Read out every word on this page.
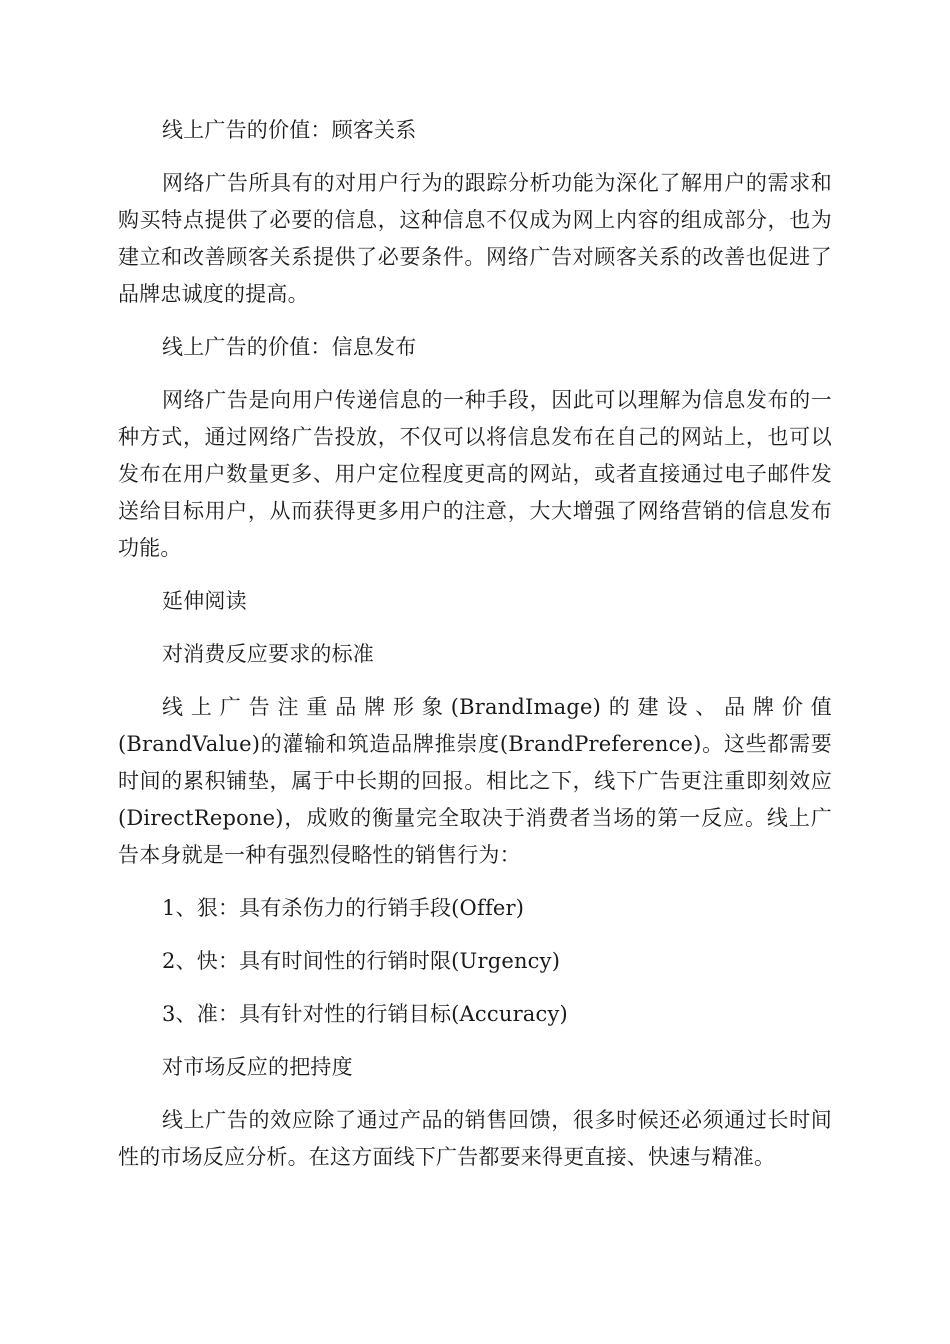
线上广告的价值：顾客关系

网络广告所具有的对用户行为的跟踪分析功能为深化了解用户的需求和购买特点提供了必要的信息，这种信息不仅成为网上内容的组成部分，也为建立和改善顾客关系提供了必要条件。网络广告对顾客关系的改善也促进了品牌忠诚度的提高。

线上广告的价值：信息发布

网络广告是向用户传递信息的一种手段，因此可以理解为信息发布的一种方式，通过网络广告投放，不仅可以将信息发布在自己的网站上，也可以发布在用户数量更多、用户定位程度更高的网站，或者直接通过电子邮件发送给目标用户，从而获得更多用户的注意，大大增强了网络营销的信息发布功能。

延伸阅读

对消费反应要求的标准

线上广告注重品牌形象(BrandImage)的建设、品牌价值(BrandValue)的灌输和筑造品牌推崇度(BrandPreference)。这些都需要时间的累积铺垫，属于中长期的回报。相比之下，线下广告更注重即刻效应(DirectRepone)，成败的衡量完全取决于消费者当场的第一反应。线上广告本身就是一种有强烈侵略性的销售行为：

1、狠：具有杀伤力的行销手段(Offer)

2、快：具有时间性的行销时限(Urgency)

3、准：具有针对性的行销目标(Accuracy)

对市场反应的把持度

线上广告的效应除了通过产品的销售回馈，很多时候还必须通过长时间性的市场反应分析。在这方面线下广告都要来得更直接、快速与精准。
